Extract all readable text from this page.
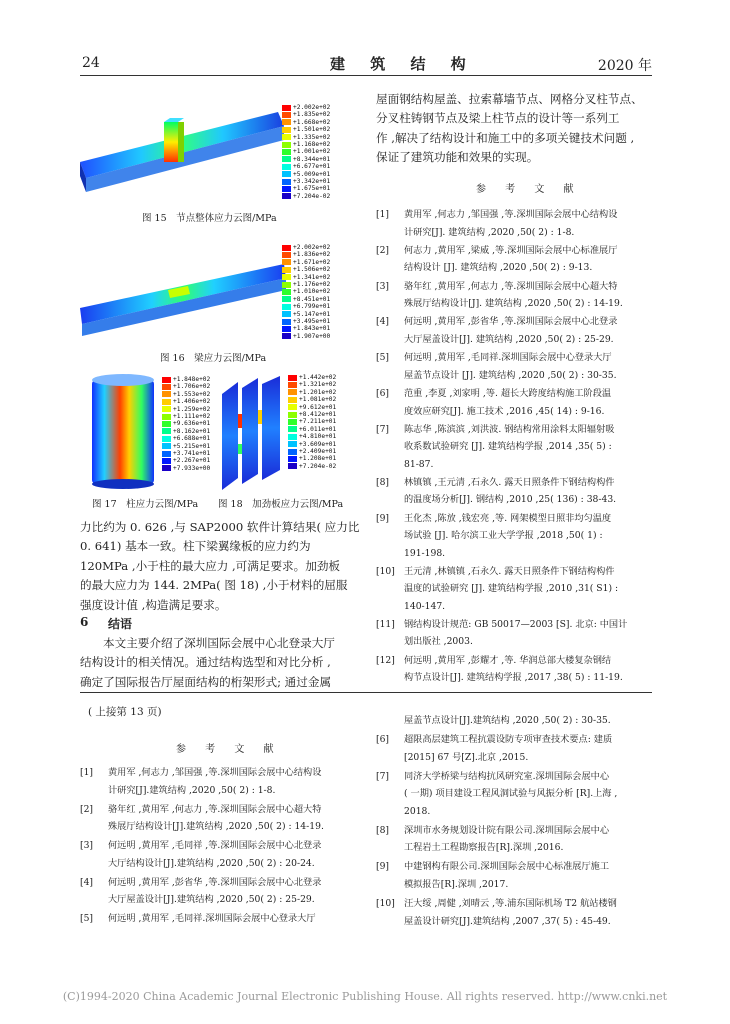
24	建 筑 结 构	2020 年
+2.002e+02
+1.835e+02
+1.668e+02
+1.501e+02
+1.335e+02
+1.168e+02
+1.001e+02
+8.344e+01
+6.677e+01
+5.009e+01
+3.342e+01
+1.675e+01
+7.204e-02
图 15　节点整体应力云图/MPa
+2.002e+02
+1.836e+02
+1.671e+02
+1.506e+02
+1.341e+02
+1.176e+02
+1.010e+02
+8.451e+01
+6.799e+01
+5.147e+01
+3.495e+01
+1.843e+01
+1.907e+00
图 16　梁应力云图/MPa
+1.848e+02
+1.706e+02
+1.553e+02
+1.406e+02
+1.259e+02
+1.111e+02
+9.636e+01
+8.162e+01
+6.688e+01
+5.215e+01
+3.741e+01
+2.267e+01
+7.933e+00
图 17　柱应力云图/MPa
+1.442e+02
+1.321e+02
+1.201e+02
+1.081e+02
+9.612e+01
+8.412e+01
+7.211e+01
+6.011e+01
+4.810e+01
+3.609e+01
+2.409e+01
+1.208e+01
+7.204e-02
图 18　加劲板应力云图/MPa
力比约为 0. 626 ,与 SAP2000 软件计算结果( 应力比
0. 641) 基本一致。柱下梁翼缘板的应力约为
120MPa ,小于柱的最大应力 ,可满足要求。加劲板
的最大应力为 144. 2MPa( 图 18) ,小于材料的屈服
强度设计值 ,构造满足要求。
6 结语
本文主要介绍了深圳国际会展中心北登录大厅
结构设计的相关情况。通过结构选型和对比分析 ,
确定了国际报告厅屋面结构的桁架形式; 通过金属
屋面钢结构屋盖、拉索幕墙节点、网格分叉柱节点、
分叉柱铸钢节点及梁上柱节点的设计等一系列工
作 ,解决了结构设计和施工中的多项关键技术问题 ,
保证了建筑功能和效果的实现。
参 考 文 献
[1] 黄用军 ,何志力 ,邹国强 ,等.深圳国际会展中心结构设
计研究[J]. 建筑结构 ,2020 ,50( 2) : 1-8.
[2] 何志力 ,黄用军 ,梁威 ,等.深圳国际会展中心标准展厅
结构设计 [J]. 建筑结构 ,2020 ,50( 2) : 9-13.
[3] 骆年红 ,黄用军 ,何志力 ,等.深圳国际会展中心超大特
殊展厅结构设计[J]. 建筑结构 ,2020 ,50( 2) : 14-19.
[4] 何远明 ,黄用军 ,彭省华 ,等.深圳国际会展中心北登录
大厅屋盖设计[J]. 建筑结构 ,2020 ,50( 2) : 25-29.
[5] 何远明 ,黄用军 ,毛同祥.深圳国际会展中心登录大厅
屋盖节点设计 [J]. 建筑结构 ,2020 ,50( 2) : 30-35.
[6] 范重 ,李夏 ,刘家明 ,等. 超长大跨度结构施工阶段温
度效应研究[J]. 施工技术 ,2016 ,45( 14) : 9-16.
[7] 陈志华 ,陈滨滨 ,刘洪波. 钢结构常用涂料太阳辐射吸
收系数试验研究 [J]. 建筑结构学报 ,2014 ,35( 5) :
81-87.
[8] 林镇镇 ,王元清 ,石永久. 露天日照条件下钢结构构件
的温度场分析[J]. 钢结构 ,2010 ,25( 136) : 38-43.
[9] 王化杰 ,陈放 ,钱宏亮 ,等. 网架模型日照非均匀温度
场试验 [J]. 哈尔滨工业大学学报 ,2018 ,50( 1) :
191-198.
[10] 王元清 ,林镇镇 ,石永久. 露天日照条件下钢结构构件
温度的试验研究 [J]. 建筑结构学报 ,2010 ,31( S1) :
140-147.
[11] 钢结构设计规范: GB 50017—2003 [S]. 北京: 中国计
划出版社 ,2003.
[12] 何远明 ,黄用军 ,彭耀才 ,等. 华润总部大楼复杂钢结
构节点设计[J]. 建筑结构学报 ,2017 ,38( 5) : 11-19.
( 上接第 13 页)
参 考 文 献
[1] 黄用军 ,何志力 ,邹国强 ,等.深圳国际会展中心结构设
计研究[J].建筑结构 ,2020 ,50( 2) : 1-8.
[2] 骆年红 ,黄用军 ,何志力 ,等.深圳国际会展中心超大特
殊展厅结构设计[J].建筑结构 ,2020 ,50( 2) : 14-19.
[3] 何远明 ,黄用军 ,毛同祥 ,等.深圳国际会展中心北登录
大厅结构设计[J].建筑结构 ,2020 ,50( 2) : 20-24.
[4] 何远明 ,黄用军 ,彭省华 ,等.深圳国际会展中心北登录
大厅屋盖设计[J].建筑结构 ,2020 ,50( 2) : 25-29.
[5] 何远明 ,黄用军 ,毛同祥.深圳国际会展中心登录大厅
屋盖节点设计[J].建筑结构 ,2020 ,50( 2) : 30-35.
[6] 超限高层建筑工程抗震设防专项审查技术要点: 建质
[2015] 67 号[Z].北京 ,2015.
[7] 同济大学桥梁与结构抗风研究室.深圳国际会展中心
( 一期) 项目建设工程风洞试验与风振分析 [R].上海 ,
2018.
[8] 深圳市水务规划设计院有限公司.深圳国际会展中心
工程岩土工程勘察报告[R].深圳 ,2016.
[9] 中建钢构有限公司.深圳国际会展中心标准展厅施工
模拟报告[R].深圳 ,2017.
[10] 汪大绥 ,周健 ,刘晴云 ,等.浦东国际机场 T2 航站楼钢
屋盖设计研究[J].建筑结构 ,2007 ,37( 5) : 45-49.
(C)1994-2020 China Academic Journal Electronic Publishing House. All rights reserved. http://www.cnki.net
